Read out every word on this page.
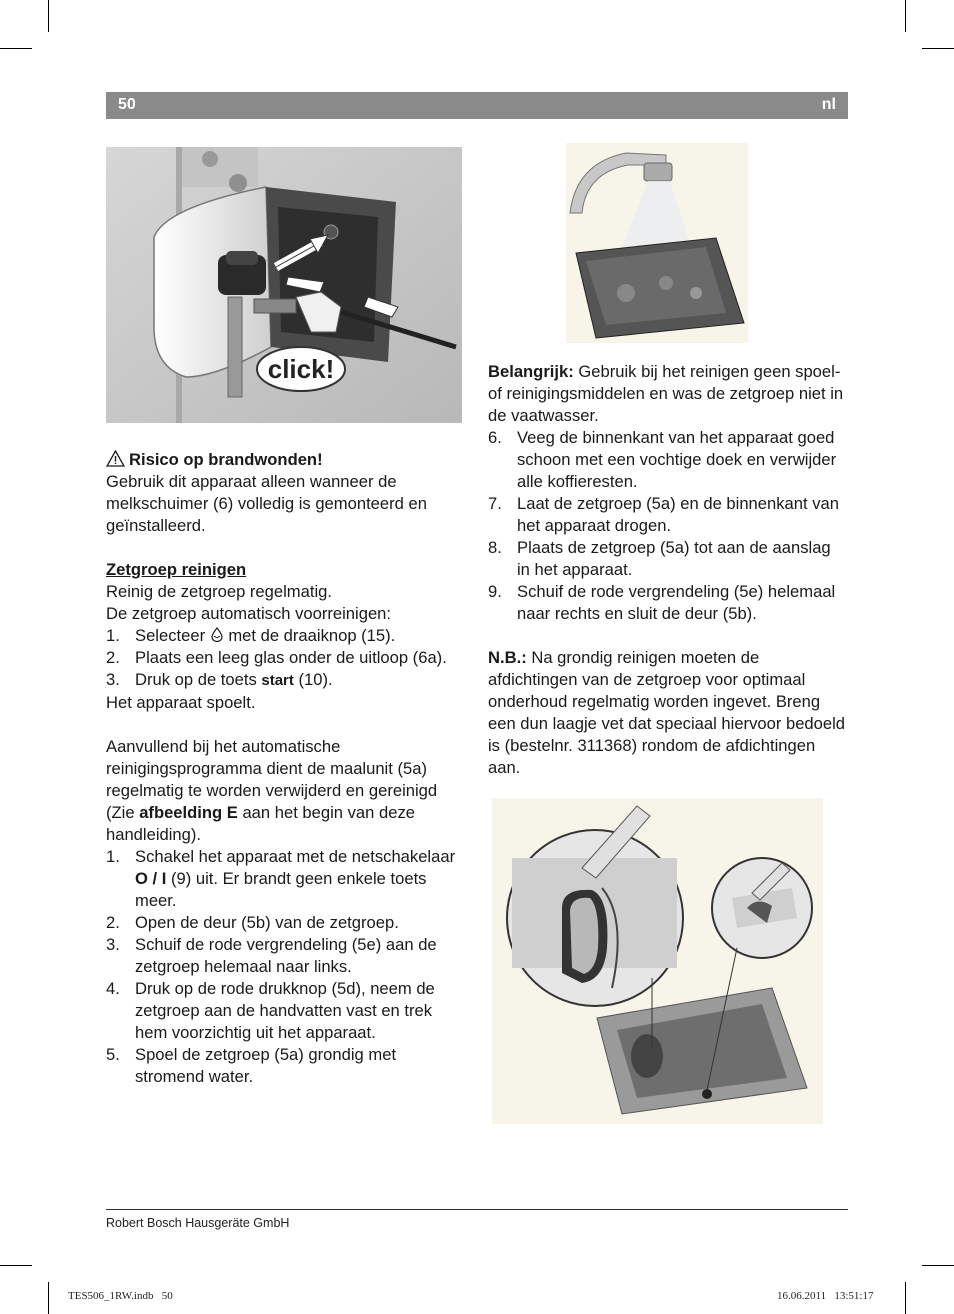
50	nl
click!

Risico op brandwonden!

Gebruik dit apparaat alleen wanneer de melkschuimer (6) volledig is gemonteerd en geïnstalleerd.

Zetgroep reinigen

Reinig de zetgroep regelmatig.

De zetgroep automatisch voorreinigen:

1. Selecteer  met de draaiknop (15).
2. Plaats een leeg glas onder de uitloop (6a).
3. Druk op de toets start (10).

Het apparaat spoelt.

Aanvullend bij het automatische reinigingsprogramma dient de maalunit (5a) regelmatig te worden verwijderd en gereinigd (Zie afbeelding E aan het begin van deze handleiding).

1. Schakel het apparaat met de netschakelaar O / I (9) uit. Er brandt geen enkele toets meer.
2. Open de deur (5b) van de zetgroep.
3. Schuif de rode vergrendeling (5e) aan de zetgroep helemaal naar links.
4. Druk op de rode drukknop (5d), neem de zetgroep aan de handvatten vast en trek hem voorzichtig uit het apparaat.
5. Spoel de zetgroep (5a) grondig met stromend water.

Belangrijk: Gebruik bij het reinigen geen spoel- of reinigingsmiddelen en was de zetgroep niet in de vaatwasser.

6. Veeg de binnenkant van het apparaat goed schoon met een vochtige doek en verwijder alle koffieresten.
7. Laat de zetgroep (5a) en de binnenkant van het apparaat drogen.
8. Plaats de zetgroep (5a) tot aan de aanslag in het apparaat.
9. Schuif de rode vergrendeling (5e) helemaal naar rechts en sluit de deur (5b).

N.B.: Na grondig reinigen moeten de afdichtingen van de zetgroep voor optimaal onderhoud regelmatig worden ingevet. Breng een dun laagje vet dat speciaal hiervoor bedoeld is (bestelnr. 311368) rondom de afdichtingen aan.

Robert Bosch Hausgeräte GmbH
TES506_1RW.indb   50	16.06.2011   13:51:17
